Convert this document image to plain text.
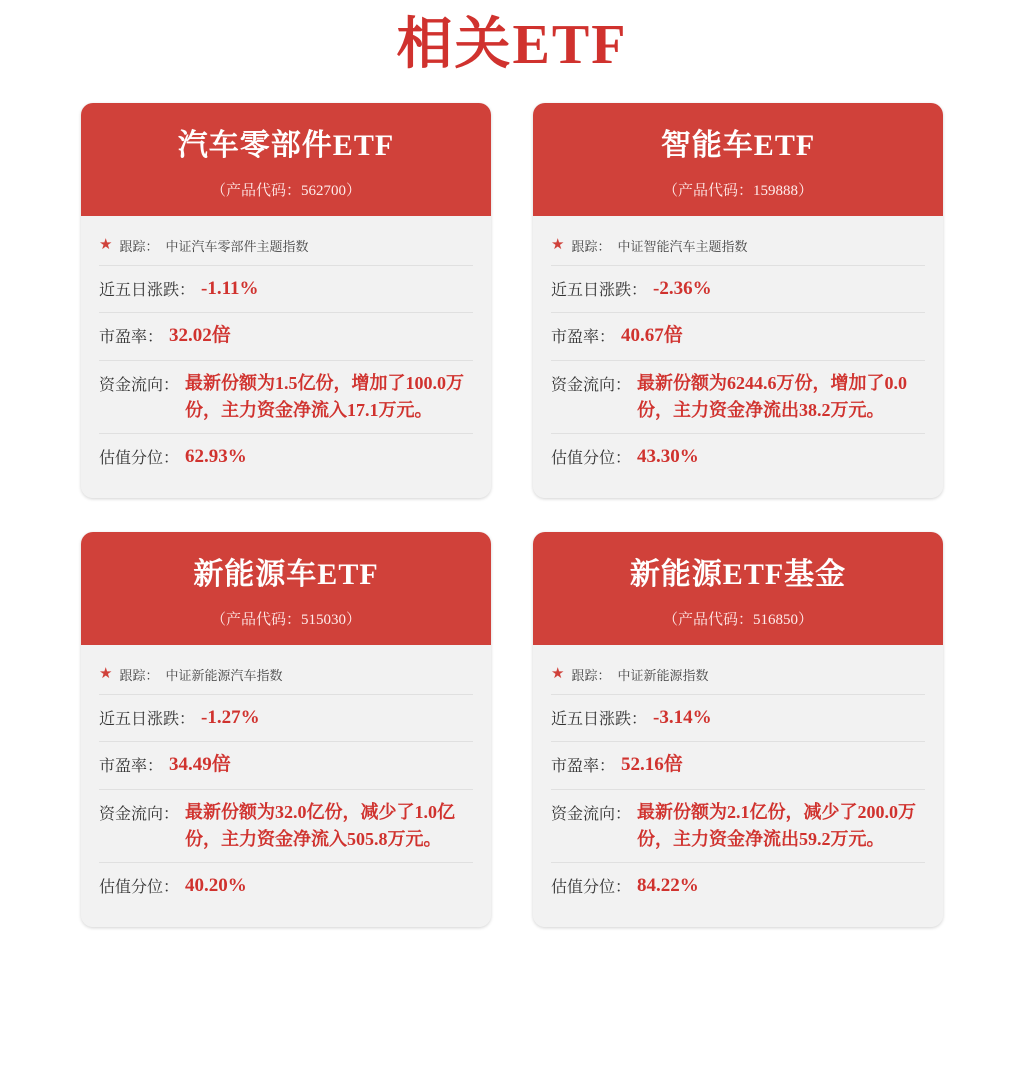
相关ETF
汽车零部件ETF
（产品代码：562700）
★ 跟踪： 中证汽车零部件主题指数
近五日涨跌： -1.11%
市盈率： 32.02倍
资金流向： 最新份额为1.5亿份，增加了100.0万份，主力资金净流入17.1万元。
估值分位： 62.93%
智能车ETF
（产品代码：159888）
★ 跟踪： 中证智能汽车主题指数
近五日涨跌： -2.36%
市盈率： 40.67倍
资金流向： 最新份额为6244.6万份，增加了0.0份，主力资金净流出38.2万元。
估值分位： 43.30%
新能源车ETF
（产品代码：515030）
★ 跟踪： 中证新能源汽车指数
近五日涨跌： -1.27%
市盈率： 34.49倍
资金流向： 最新份额为32.0亿份，减少了1.0亿份，主力资金净流入505.8万元。
估值分位： 40.20%
新能源ETF基金
（产品代码：516850）
★ 跟踪： 中证新能源指数
近五日涨跌： -3.14%
市盈率： 52.16倍
资金流向： 最新份额为2.1亿份，减少了200.0万份，主力资金净流出59.2万元。
估值分位： 84.22%
